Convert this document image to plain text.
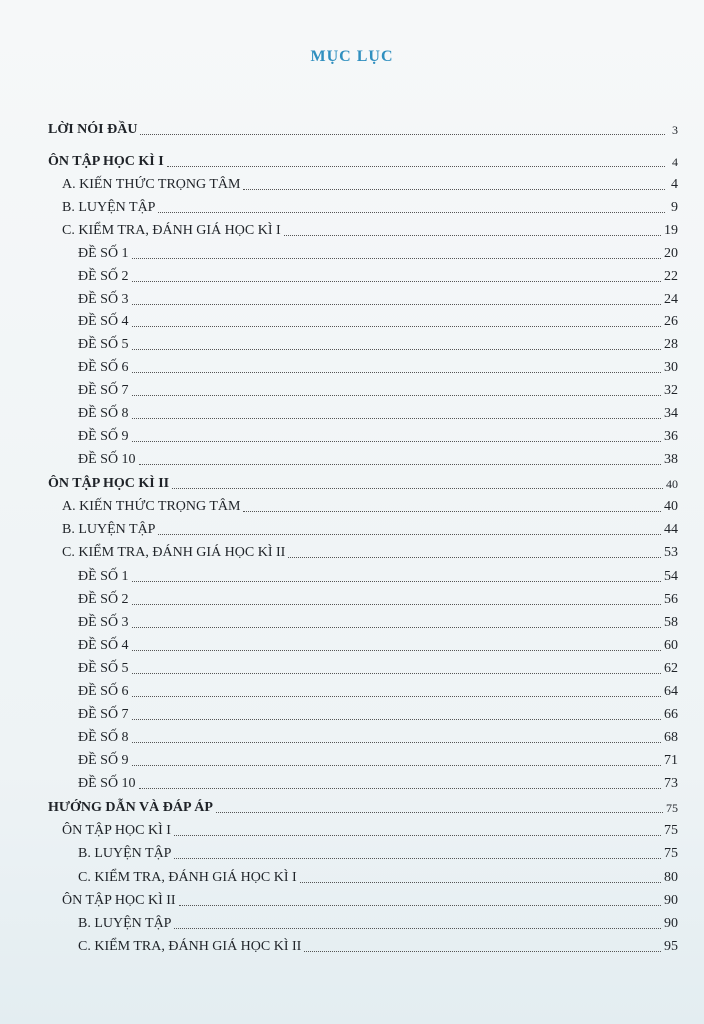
MỤC LỤC
LỜI NÓI ĐẦU	3
ÔN TẬP HỌC KÌ I	4
A. KIẾN THỨC TRỌNG TÂM	4
B. LUYỆN TẬP	9
C. KIỂM TRA, ĐÁNH GIÁ HỌC KÌ I	19
ĐỀ SỐ 1	20
ĐỀ SỐ 2	22
ĐỀ SỐ 3	24
ĐỀ SỐ 4	26
ĐỀ SỐ 5	28
ĐỀ SỐ 6	30
ĐỀ SỐ 7	32
ĐỀ SỐ 8	34
ĐỀ SỐ 9	36
ĐỀ SỐ 10	38
ÔN TẬP HỌC KÌ II	40
A. KIẾN THỨC TRỌNG TÂM	40
B. LUYỆN TẬP	44
C. KIỂM TRA, ĐÁNH GIÁ HỌC KÌ II	53
ĐỀ SỐ 1	54
ĐỀ SỐ 2	56
ĐỀ SỐ 3	58
ĐỀ SỐ 4	60
ĐỀ SỐ 5	62
ĐỀ SỐ 6	64
ĐỀ SỐ 7	66
ĐỀ SỐ 8	68
ĐỀ SỐ 9	71
ĐỀ SỐ 10	73
HƯỚNG DẪN VÀ ĐÁP ÁP	75
ÔN TẬP HỌC KÌ I	75
B. LUYỆN TẬP	75
C. KIỂM TRA, ĐÁNH GIÁ HỌC KÌ I	80
ÔN TẬP HỌC KÌ II	90
B. LUYỆN TẬP	90
C. KIỂM TRA, ĐÁNH GIÁ HỌC KÌ II	95
